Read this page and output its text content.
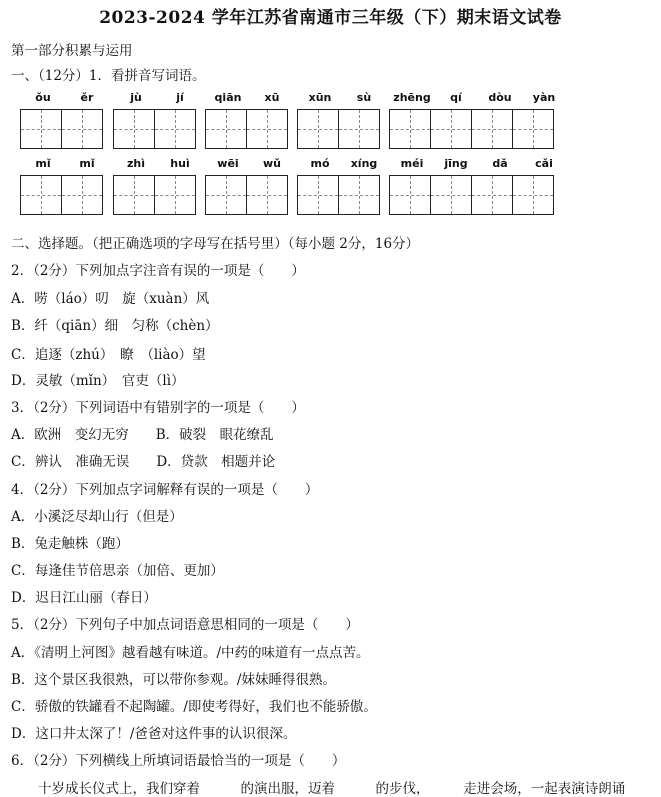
2023-2024 学年江苏省南通市三年级（下）期末语文试卷
第一部分积累与运用
一、（12分）1．看拼音写词语。
ǒu	ěr	jù	jí	qiān	xū	xūn	sù	zhēng	qí	dòu	yàn
mǐ	mǐ	zhì	huì	wēi	wǔ	mó	xíng	méi	jīng	dǎ	cǎi
二、选择题。（把正确选项的字母写在括号里）（每小题 2分，16分）
2．（2分）下列加点字注音有误的一项是（　　）
A．唠（láo）叨　旋（xuàn）风
B．纤（qiān）细　匀称（chèn）
C．追逐（zhú）　瞭　（liào）望
D．灵敏（mǐn）　官吏（lì）
3．（2分）下列词语中有错别字的一项是（　　）
A．欧洲　变幻无穷　　B．破裂　眼花缭乱
C．辨认　准确无误　　D．贷款　相题并论
4．（2分）下列加点字词解释有误的一项是（　　）
A．小溪泛尽却山行（但是）
B．兔走触株（跑）
C．每逢佳节倍思亲（加倍、更加）
D．迟日江山丽（春日）
5．（2分）下列句子中加点词语意思相同的一项是（　　）
A．《清明上河图》越看越有味道。/中药的味道有一点点苦。
B．这个景区我很熟，可以带你参观。/妹妹睡得很熟。
C．骄傲的铁罐看不起陶罐。/即使考得好，我们也不能骄傲。
D．这口井太深了！/爸爸对这件事的认识很深。
6．（2分）下列横线上所填词语最恰当的一项是（　　）
　　十岁成长仪式上，我们穿着　　　的演出服，迈着　　　的步伐，　　　走进会场，一起表演诗朗诵
